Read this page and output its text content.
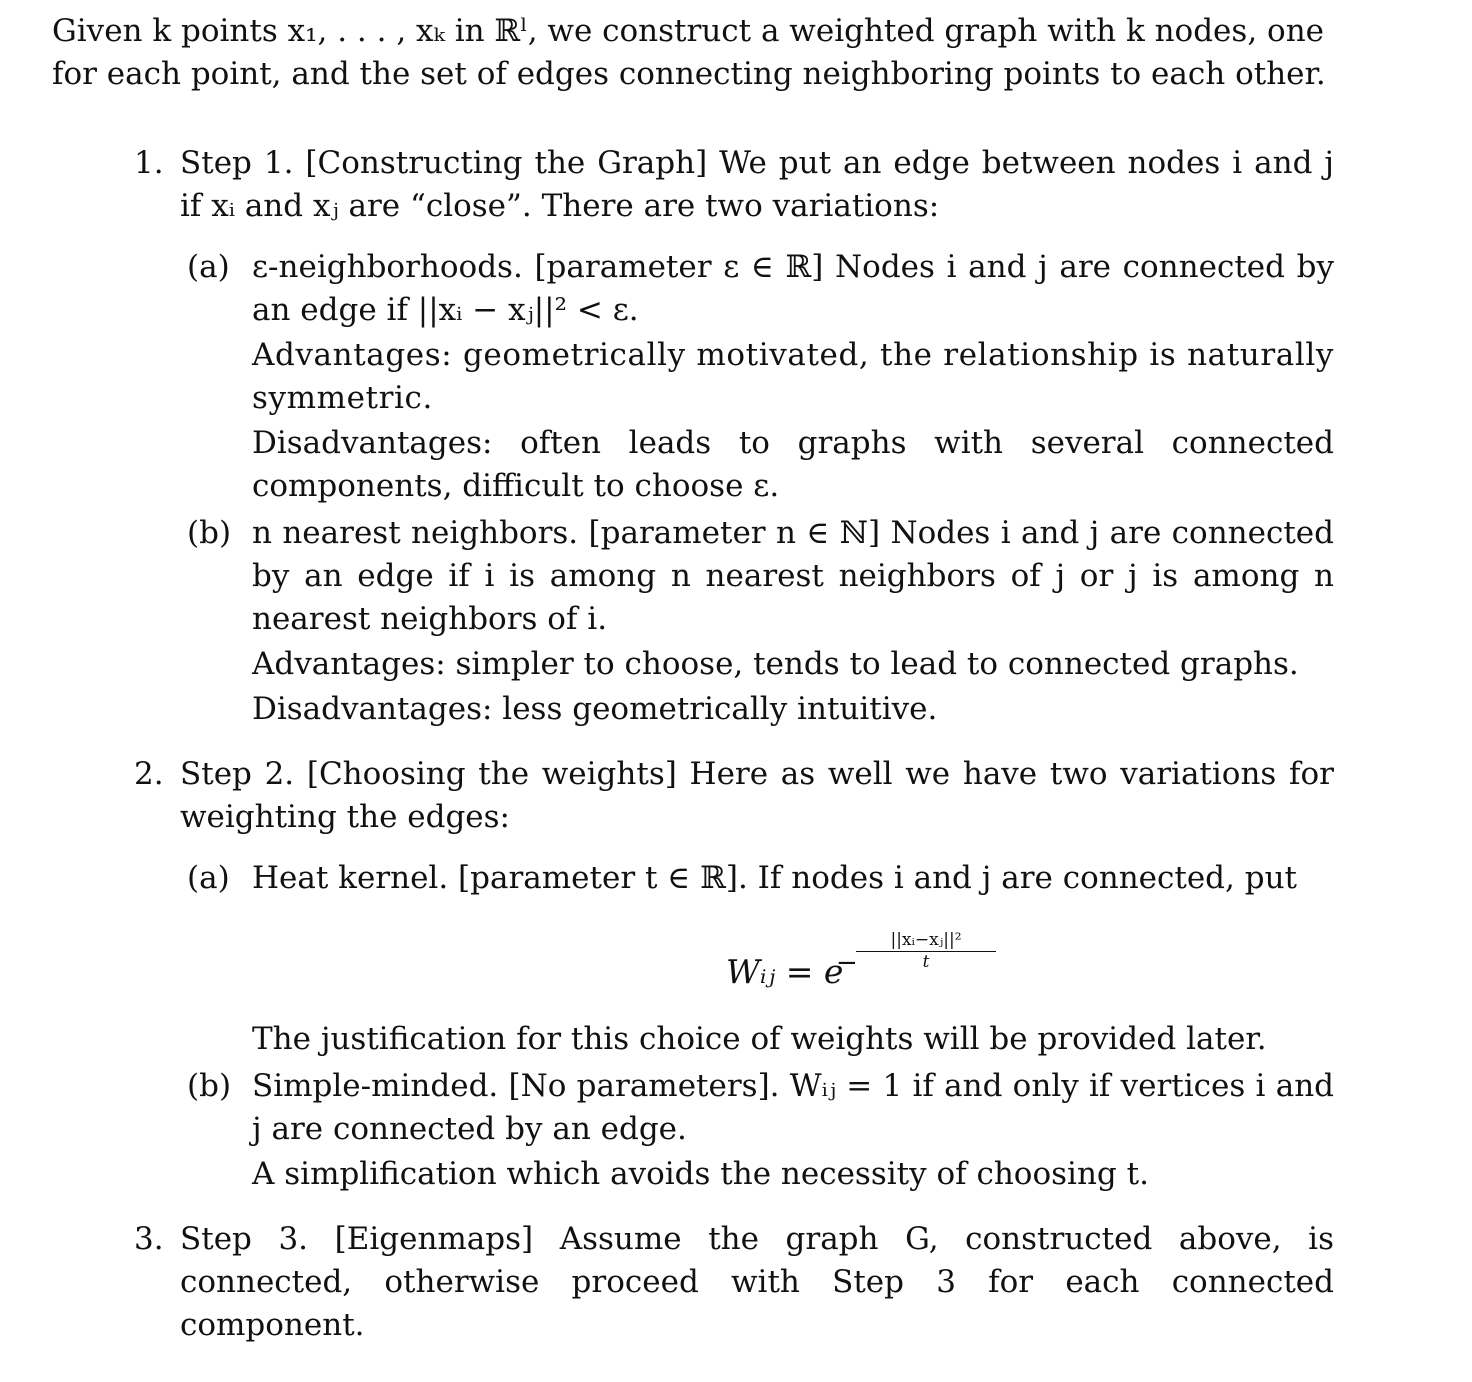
Given k points x₁, . . . , xₖ in ℝˡ, we construct a weighted graph with k nodes, one
for each point, and the set of edges connecting neighboring points to each other.

1. Step 1. [Constructing the Graph] We put an edge between nodes i and j if xᵢ and xⱼ are “close”. There are two variations:
(a) ε-neighborhoods. [parameter ε ∈ ℝ] Nodes i and j are connected by an edge if ||xᵢ − xⱼ||² < ε.
Advantages: geometrically motivated, the relationship is naturally symmetric.
Disadvantages: often leads to graphs with several connected components, difficult to choose ε.
(b) n nearest neighbors. [parameter n ∈ ℕ] Nodes i and j are connected by an edge if i is among n nearest neighbors of j or j is among n nearest neighbors of i.
Advantages: simpler to choose, tends to lead to connected graphs.
Disadvantages: less geometrically intuitive.
2. Step 2. [Choosing the weights] Here as well we have two variations for weighting the edges:
(a) Heat kernel. [parameter t ∈ ℝ]. If nodes i and j are connected, put
Wᵢⱼ = e
−
$\frac{\text{||xᵢ−xⱼ||²}}{t}$
The justification for this choice of weights will be provided later.
(b) Simple-minded. [No parameters]. Wᵢⱼ = 1 if and only if vertices i and j are connected by an edge.
A simplification which avoids the necessity of choosing t.
3. Step 3. [Eigenmaps] Assume the graph G, constructed above, is connected, otherwise proceed with Step 3 for each connected component.
